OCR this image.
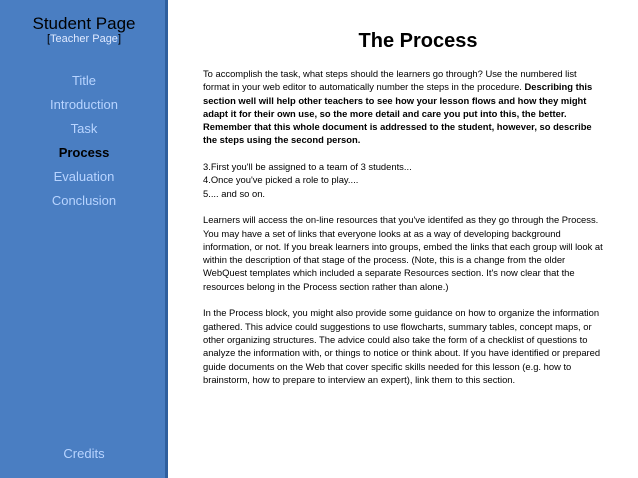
Student Page
[Teacher Page]
Title
Introduction
Task
Process
Evaluation
Conclusion
Credits
The Process

To accomplish the task, what steps should the learners go through? Use the numbered list format in your web editor to automatically number the steps in the procedure. Describing this section well will help other teachers to see how your lesson flows and how they might adapt it for their own use, so the more detail and care you put into this, the better. Remember that this whole document is addressed to the student, however, so describe the steps using the second person.

3.First you'll be assigned to a team of 3 students...
4.Once you've picked a role to play....
5.... and so on.

Learners will access the on-line resources that you've identifed as they go through the Process. You may have a set of links that everyone looks at as a way of developing background information, or not. If you break learners into groups, embed the links that each group will look at within the description of that stage of the process. (Note, this is a change from the older WebQuest templates which included a separate Resources section. It's now clear that the resources belong in the Process section rather than alone.)

In the Process block, you might also provide some guidance on how to organize the information gathered. This advice could suggestions to use flowcharts, summary tables, concept maps, or other organizing structures. The advice could also take the form of a checklist of questions to analyze the information with, or things to notice or think about. If you have identified or prepared guide documents on the Web that cover specific skills needed for this lesson (e.g. how to brainstorm, how to prepare to interview an expert), link them to this section.
